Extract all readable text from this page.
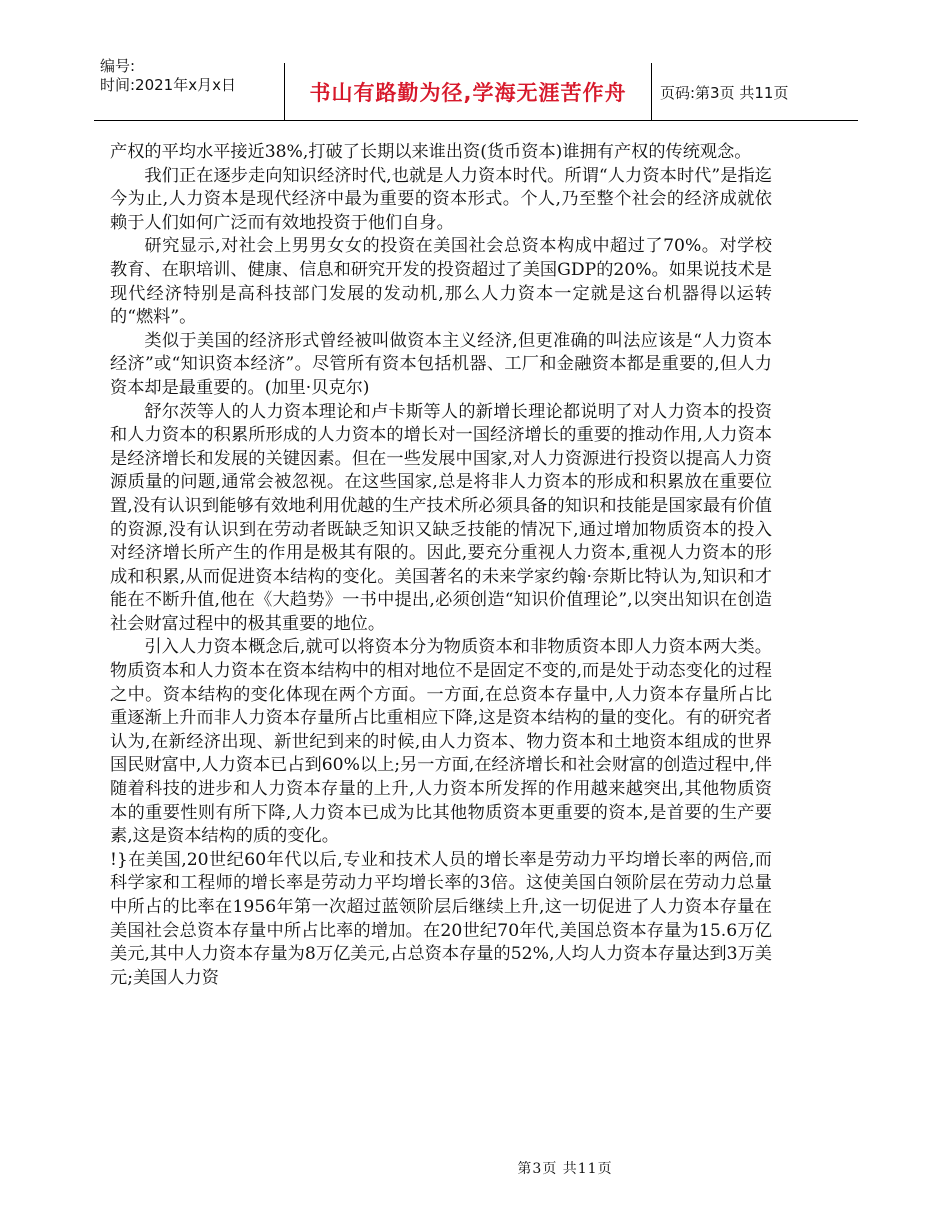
编号:
时间:2021年x月x日	书山有路勤为径,学海无涯苦作舟	页码:第3页 共11页

产权的平均水平接近38%,打破了长期以来谁出资(货币资本)谁拥有产权的传统观念。

我们正在逐步走向知识经济时代,也就是人力资本时代。所谓“人力资本时代”是指迄今为止,人力资本是现代经济中最为重要的资本形式。个人,乃至整个社会的经济成就依赖于人们如何广泛而有效地投资于他们自身。

研究显示,对社会上男男女女的投资在美国社会总资本构成中超过了70%。对学校教育、在职培训、健康、信息和研究开发的投资超过了美国GDP的20%。如果说技术是现代经济特别是高科技部门发展的发动机,那么人力资本一定就是这台机器得以运转的“燃料”。

类似于美国的经济形式曾经被叫做资本主义经济,但更准确的叫法应该是“人力资本经济”或“知识资本经济”。尽管所有资本包括机器、工厂和金融资本都是重要的,但人力资本却是最重要的。(加里·贝克尔)

舒尔茨等人的人力资本理论和卢卡斯等人的新增长理论都说明了对人力资本的投资和人力资本的积累所形成的人力资本的增长对一国经济增长的重要的推动作用,人力资本是经济增长和发展的关键因素。但在一些发展中国家,对人力资源进行投资以提高人力资源质量的问题,通常会被忽视。在这些国家,总是将非人力资本的形成和积累放在重要位置,没有认识到能够有效地利用优越的生产技术所必须具备的知识和技能是国家最有价值的资源,没有认识到在劳动者既缺乏知识又缺乏技能的情况下,通过增加物质资本的投入对经济增长所产生的作用是极其有限的。因此,要充分重视人力资本,重视人力资本的形成和积累,从而促进资本结构的变化。美国著名的未来学家约翰·奈斯比特认为,知识和才能在不断升值,他在《大趋势》一书中提出,必须创造“知识价值理论”,以突出知识在创造社会财富过程中的极其重要的地位。

引入人力资本概念后,就可以将资本分为物质资本和非物质资本即人力资本两大类。物质资本和人力资本在资本结构中的相对地位不是固定不变的,而是处于动态变化的过程之中。资本结构的变化体现在两个方面。一方面,在总资本存量中,人力资本存量所占比重逐渐上升而非人力资本存量所占比重相应下降,这是资本结构的量的变化。有的研究者认为,在新经济出现、新世纪到来的时候,由人力资本、物力资本和土地资本组成的世界国民财富中,人力资本已占到60%以上;另一方面,在经济增长和社会财富的创造过程中,伴随着科技的进步和人力资本存量的上升,人力资本所发挥的作用越来越突出,其他物质资本的重要性则有所下降,人力资本已成为比其他物质资本更重要的资本,是首要的生产要素,这是资本结构的质的变化。

!}在美国,20世纪60年代以后,专业和技术人员的增长率是劳动力平均增长率的两倍,而科学家和工程师的增长率是劳动力平均增长率的3倍。这使美国白领阶层在劳动力总量中所占的比率在1956年第一次超过蓝领阶层后继续上升,这一切促进了人力资本存量在美国社会总资本存量中所占比率的增加。在20世纪70年代,美国总资本存量为15.6万亿美元,其中人力资本存量为8万亿美元,占总资本存量的52%,人均人力资本存量达到3万美元;美国人力资

第3页 共11页
